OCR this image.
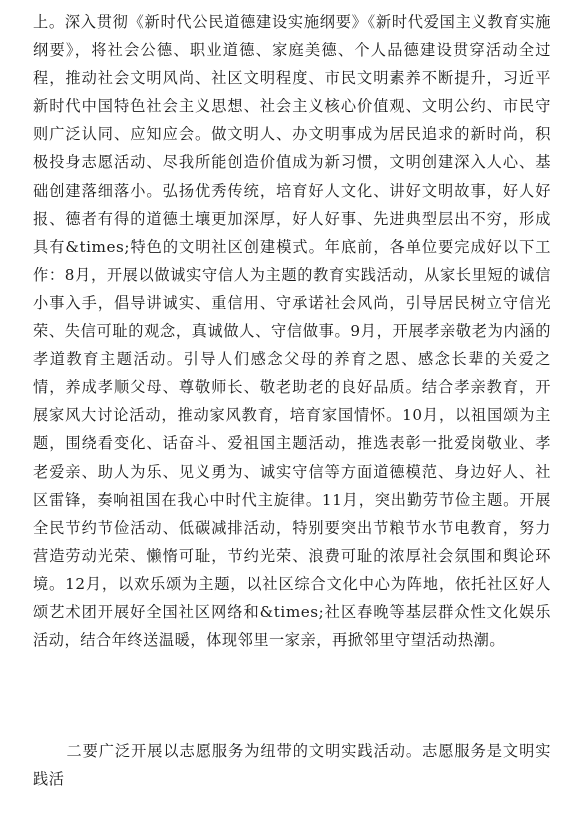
上。深入贯彻《新时代公民道德建设实施纲要》《新时代爱国主义教育实施纲要》，将社会公德、职业道德、家庭美德、个人品德建设贯穿活动全过程，推动社会文明风尚、社区文明程度、市民文明素养不断提升，习近平新时代中国特色社会主义思想、社会主义核心价值观、文明公约、市民守则广泛认同、应知应会。做文明人、办文明事成为居民追求的新时尚，积极投身志愿活动、尽我所能创造价值成为新习惯，文明创建深入人心、基础创建落细落小。弘扬优秀传统，培育好人文化、讲好文明故事，好人好报、德者有得的道德土壤更加深厚，好人好事、先进典型层出不穷，形成具有&times;特色的文明社区创建模式。年底前，各单位要完成好以下工作：8月，开展以做诚实守信人为主题的教育实践活动，从家长里短的诚信小事入手，倡导讲诚实、重信用、守承诺社会风尚，引导居民树立守信光荣、失信可耻的观念，真诚做人、守信做事。9月，开展孝亲敬老为内涵的孝道教育主题活动。引导人们感念父母的养育之恩、感念长辈的关爱之情，养成孝顺父母、尊敬师长、敬老助老的良好品质。结合孝亲教育，开展家风大讨论活动，推动家风教育，培育家国情怀。10月，以祖国颂为主题，围绕看变化、话奋斗、爱祖国主题活动，推选表彰一批爱岗敬业、孝老爱亲、助人为乐、见义勇为、诚实守信等方面道德模范、身边好人、社区雷锋，奏响祖国在我心中时代主旋律。11月，突出勤劳节俭主题。开展全民节约节俭活动、低碳减排活动，特别要突出节粮节水节电教育，努力营造劳动光荣、懒惰可耻，节约光荣、浪费可耻的浓厚社会氛围和舆论环境。12月，以欢乐颂为主题，以社区综合文化中心为阵地，依托社区好人颂艺术团开展好全国社区网络和&times;社区春晚等基层群众性文化娱乐活动，结合年终送温暖，体现邻里一家亲，再掀邻里守望活动热潮。

二要广泛开展以志愿服务为纽带的文明实践活动。志愿服务是文明实践活
